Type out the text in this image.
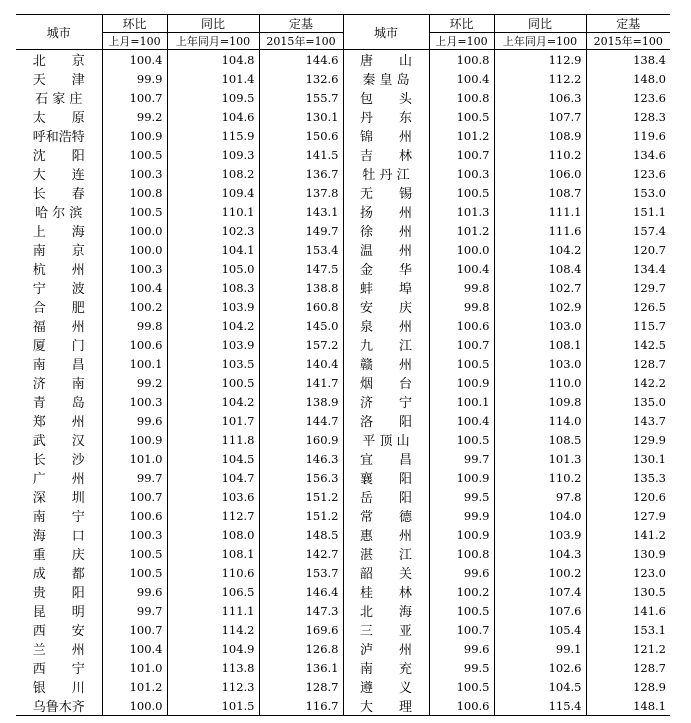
城市	环比	同比	定基	城市	环比	同比	定基
	上月=100	上年同月=100	2015年=100		上月=100	上年同月=100	2015年=100
北　　京	100.4	104.8	144.6	唐　　山	100.8	112.9	138.4
天　　津	99.9	101.4	132.6	秦 皇 岛	100.4	112.2	148.0
石 家 庄	100.7	109.5	155.7	包　　头	100.8	106.3	123.6
太　　原	99.2	104.6	130.1	丹　　东	100.5	107.7	128.3
呼和浩特	100.9	115.9	150.6	锦　　州	101.2	108.9	119.6
沈　　阳	100.5	109.3	141.5	吉　　林	100.7	110.2	134.6
大　　连	100.3	108.2	136.7	牡 丹 江	100.3	106.0	123.6
长　　春	100.8	109.4	137.8	无　　锡	100.5	108.7	153.0
哈 尔 滨	100.5	110.1	143.1	扬　　州	101.3	111.1	151.1
上　　海	100.0	102.3	149.7	徐　　州	101.2	111.6	157.4
南　　京	100.0	104.1	153.4	温　　州	100.0	104.2	120.7
杭　　州	100.3	105.0	147.5	金　　华	100.4	108.4	134.4
宁　　波	100.4	108.3	138.8	蚌　　埠	99.8	102.7	129.7
合　　肥	100.2	103.9	160.8	安　　庆	99.8	102.9	126.5
福　　州	99.8	104.2	145.0	泉　　州	100.6	103.0	115.7
厦　　门	100.6	103.9	157.2	九　　江	100.7	108.1	142.5
南　　昌	100.1	103.5	140.4	赣　　州	100.5	103.0	128.7
济　　南	99.2	100.5	141.7	烟　　台	100.9	110.0	142.2
青　　岛	100.3	104.2	138.9	济　　宁	100.1	109.8	135.0
郑　　州	99.6	101.7	144.7	洛　　阳	100.4	114.0	143.7
武　　汉	100.9	111.8	160.9	平 顶 山	100.5	108.5	129.9
长　　沙	101.0	104.5	146.3	宜　　昌	99.7	101.3	130.1
广　　州	99.7	104.7	156.3	襄　　阳	100.9	110.2	135.3
深　　圳	100.7	103.6	151.2	岳　　阳	99.5	97.8	120.6
南　　宁	100.6	112.7	151.2	常　　德	99.9	104.0	127.9
海　　口	100.3	108.0	148.5	惠　　州	100.9	103.9	141.2
重　　庆	100.5	108.1	142.7	湛　　江	100.8	104.3	130.9
成　　都	100.5	110.6	153.7	韶　　关	99.6	100.2	123.0
贵　　阳	99.6	106.5	146.4	桂　　林	100.2	107.4	130.5
昆　　明	99.7	111.1	147.3	北　　海	100.5	107.6	141.6
西　　安	100.7	114.2	169.6	三　　亚	100.7	105.4	153.1
兰　　州	100.4	104.9	126.8	泸　　州	99.6	99.1	121.2
西　　宁	101.0	113.8	136.1	南　　充	99.5	102.6	128.7
银　　川	101.2	112.3	128.7	遵　　义	100.5	104.5	128.9
乌鲁木齐	100.0	101.5	116.7	大　　理	100.6	115.4	148.1
